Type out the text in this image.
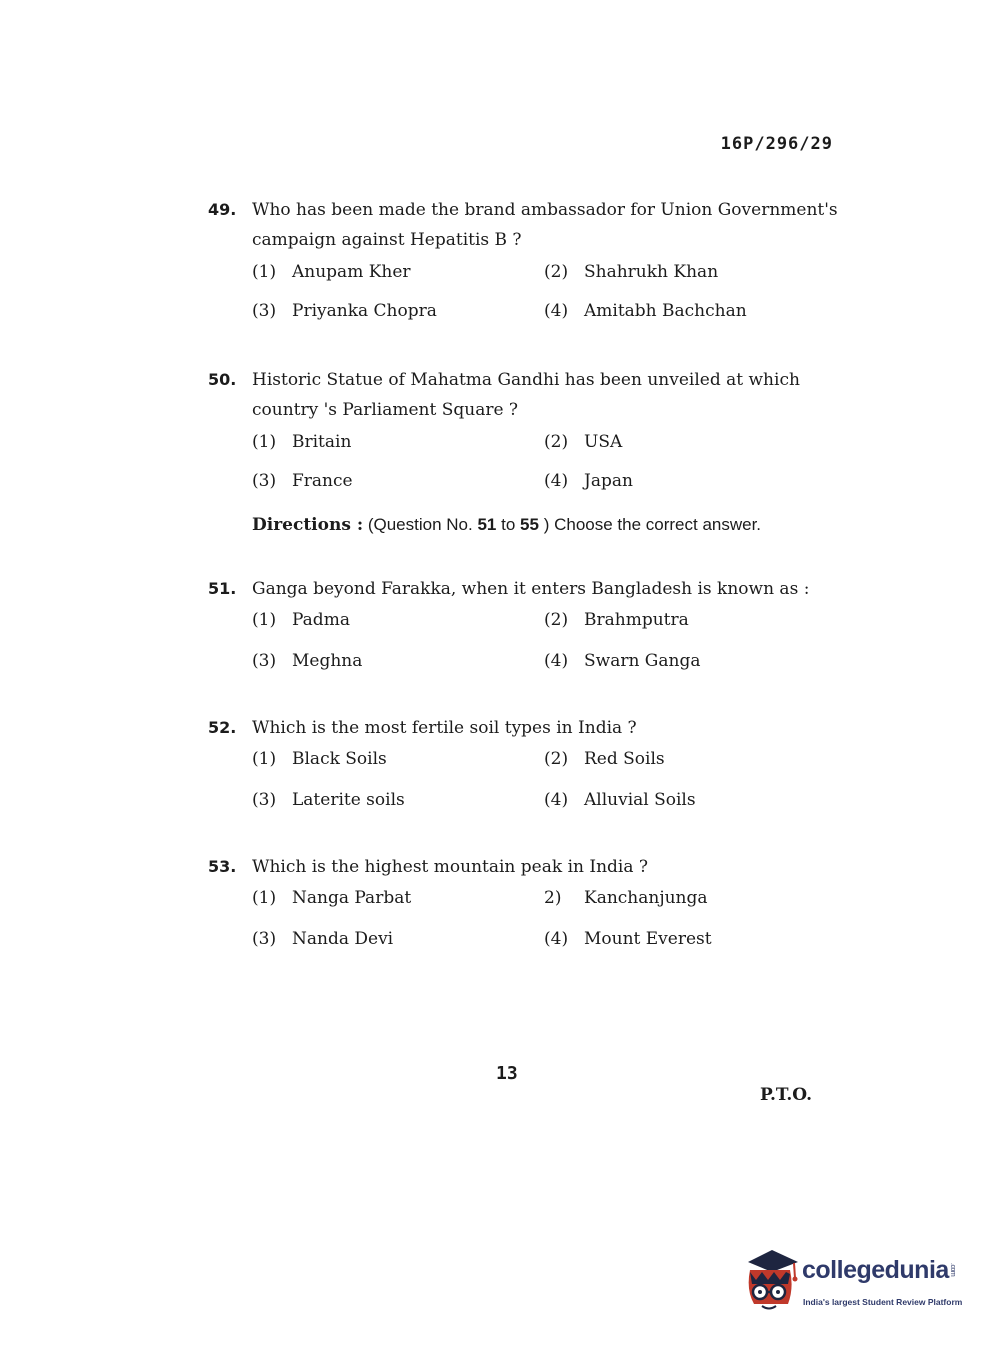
16P/296/29
49. Who has been made the brand ambassador for Union Government's
campaign against Hepatitis B ?
(1) Anupam Kher	(2) Shahrukh Khan
(3) Priyanka Chopra	(4) Amitabh Bachchan
50. Historic Statue of Mahatma Gandhi has been unveiled at which
country 's Parliament Square ?
(1) Britain	(2) USA
(3) France	(4) Japan
Directions : (Question No. 51 to 55 ) Choose the correct answer.
51. Ganga beyond Farakka, when it enters Bangladesh is known as :
(1) Padma	(2) Brahmputra
(3) Meghna	(4) Swarn Ganga
52. Which is the most fertile soil types in India ?
(1) Black Soils	(2) Red Soils
(3) Laterite soils	(4) Alluvial Soils
53. Which is the highest mountain peak in India ?
(1) Nanga Parbat	2) Kanchanjunga
(3) Nanda Devi	(4) Mount Everest
13
P.T.O.
collegedunia.com
India's largest Student Review Platform
